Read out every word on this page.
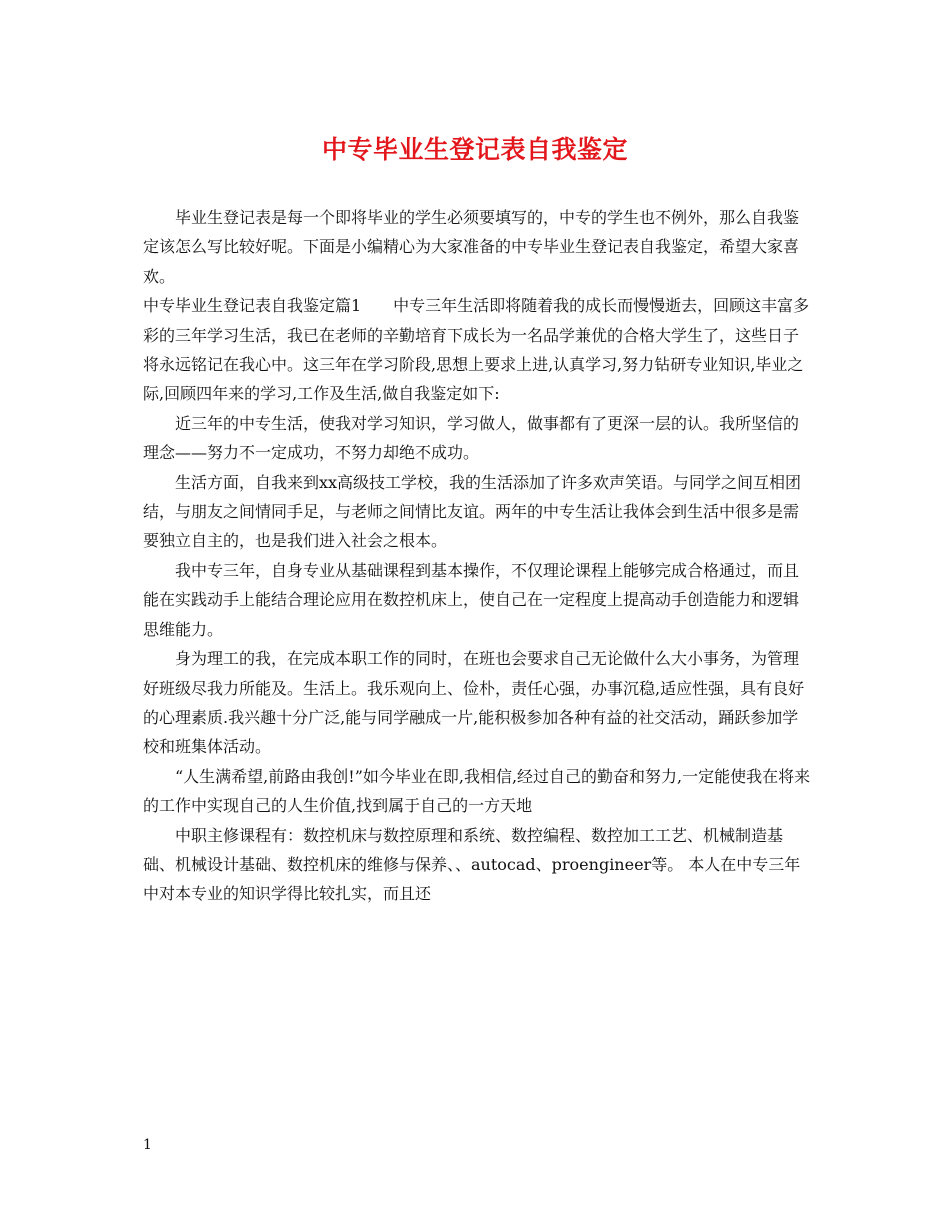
中专毕业生登记表自我鉴定

毕业生登记表是每一个即将毕业的学生必须要填写的，中专的学生也不例外，那么自我鉴定该怎么写比较好呢。下面是小编精心为大家准备的中专毕业生登记表自我鉴定，希望大家喜欢。

中专毕业生登记表自我鉴定篇1　　中专三年生活即将随着我的成长而慢慢逝去，回顾这丰富多彩的三年学习生活，我已在老师的辛勤培育下成长为一名品学兼优的合格大学生了，这些日子将永远铭记在我心中。这三年在学习阶段,思想上要求上进,认真学习,努力钻研专业知识,毕业之际,回顾四年来的学习,工作及生活,做自我鉴定如下:

近三年的中专生活，使我对学习知识，学习做人，做事都有了更深一层的认。我所坚信的理念——努力不一定成功，不努力却绝不成功。

生活方面，自我来到xx高级技工学校，我的生活添加了许多欢声笑语。与同学之间互相团结，与朋友之间情同手足，与老师之间情比友谊。两年的中专生活让我体会到生活中很多是需要独立自主的，也是我们进入社会之根本。

我中专三年，自身专业从基础课程到基本操作，不仅理论课程上能够完成合格通过，而且能在实践动手上能结合理论应用在数控机床上，使自己在一定程度上提高动手创造能力和逻辑思维能力。

身为理工的我，在完成本职工作的同时，在班也会要求自己无论做什么大小事务，为管理好班级尽我力所能及。生活上。我乐观向上、俭朴，责任心强，办事沉稳,适应性强，具有良好的心理素质.我兴趣十分广泛,能与同学融成一片,能积极参加各种有益的社交活动，踊跃参加学校和班集体活动。

“人生满希望,前路由我创!”如今毕业在即,我相信,经过自己的勤奋和努力,一定能使我在将来的工作中实现自己的人生价值,找到属于自己的一方天地

中职主修课程有：数控机床与数控原理和系统、数控编程、数控加工工艺、机械制造基础、机械设计基础、数控机床的维修与保养、、autocad、proengineer等。 本人在中专三年中对本专业的知识学得比较扎实，而且还

1
